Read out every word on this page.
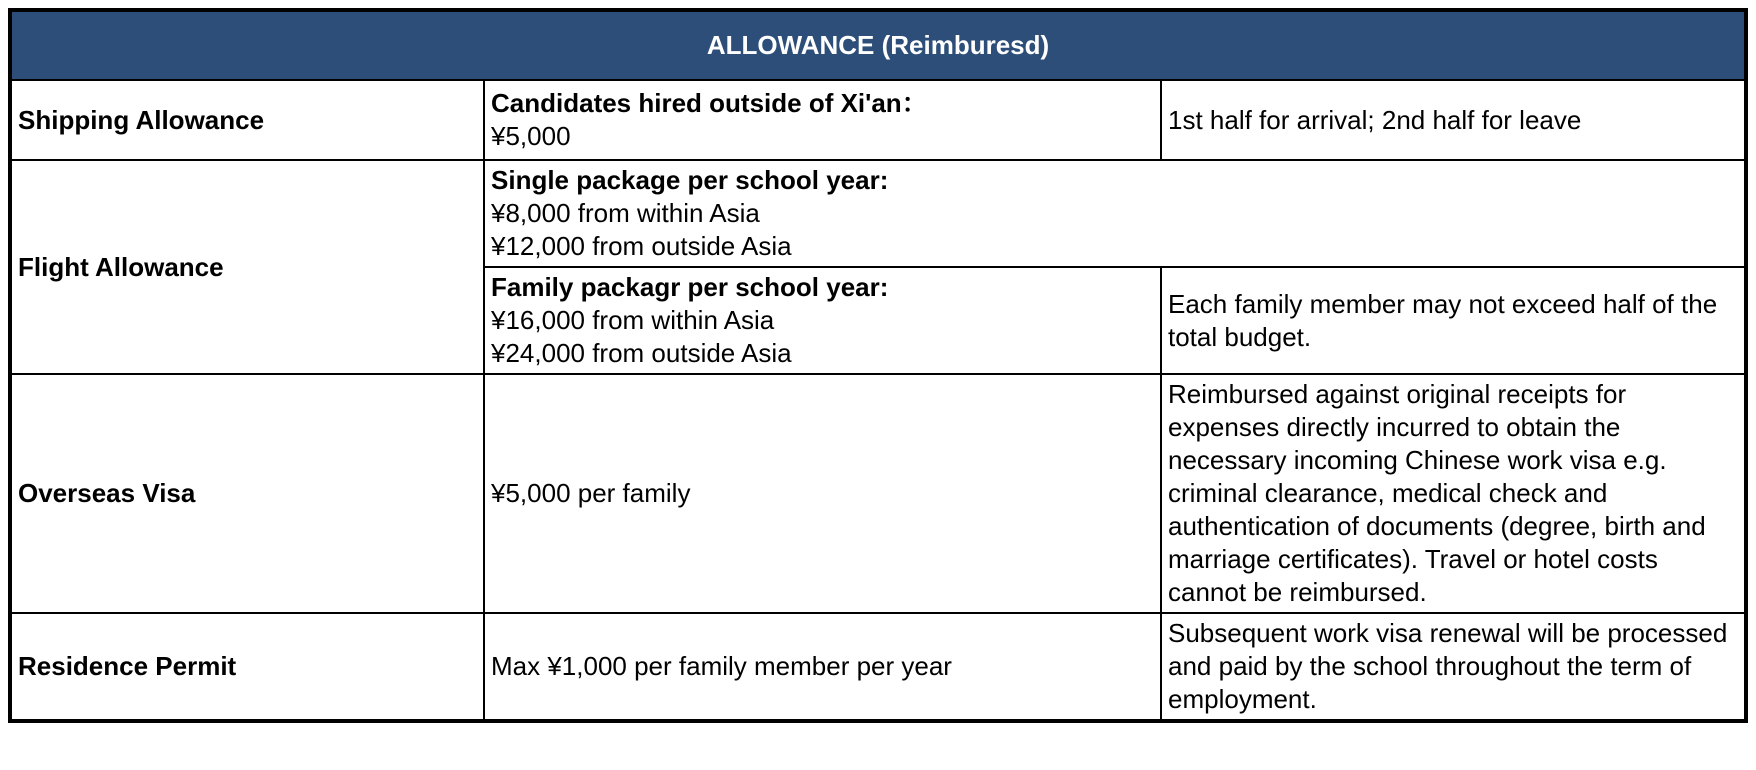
ALLOWANCE (Reimburesd)		
Shipping Allowance	Candidates hired outside of Xi'an：
¥5,000	1st half for arrival; 2nd half for leave
Flight Allowance	Single package per school year:
¥8,000 from within Asia
¥12,000 from outside Asia	

	Family packagr per school year:
¥16,000 from within Asia
¥24,000 from outside Asia	Each family member may not exceed half of the total budget.
Overseas Visa	¥5,000 per family	Reimbursed against original receipts for expenses directly incurred to obtain the necessary incoming Chinese work visa e.g. criminal clearance, medical check and authentication of documents (degree, birth and marriage certificates). Travel or hotel costs cannot be reimbursed.
Residence Permit	Max ¥1,000 per family member per year	Subsequent work visa renewal will be processed and paid by the school throughout the term of employment.
